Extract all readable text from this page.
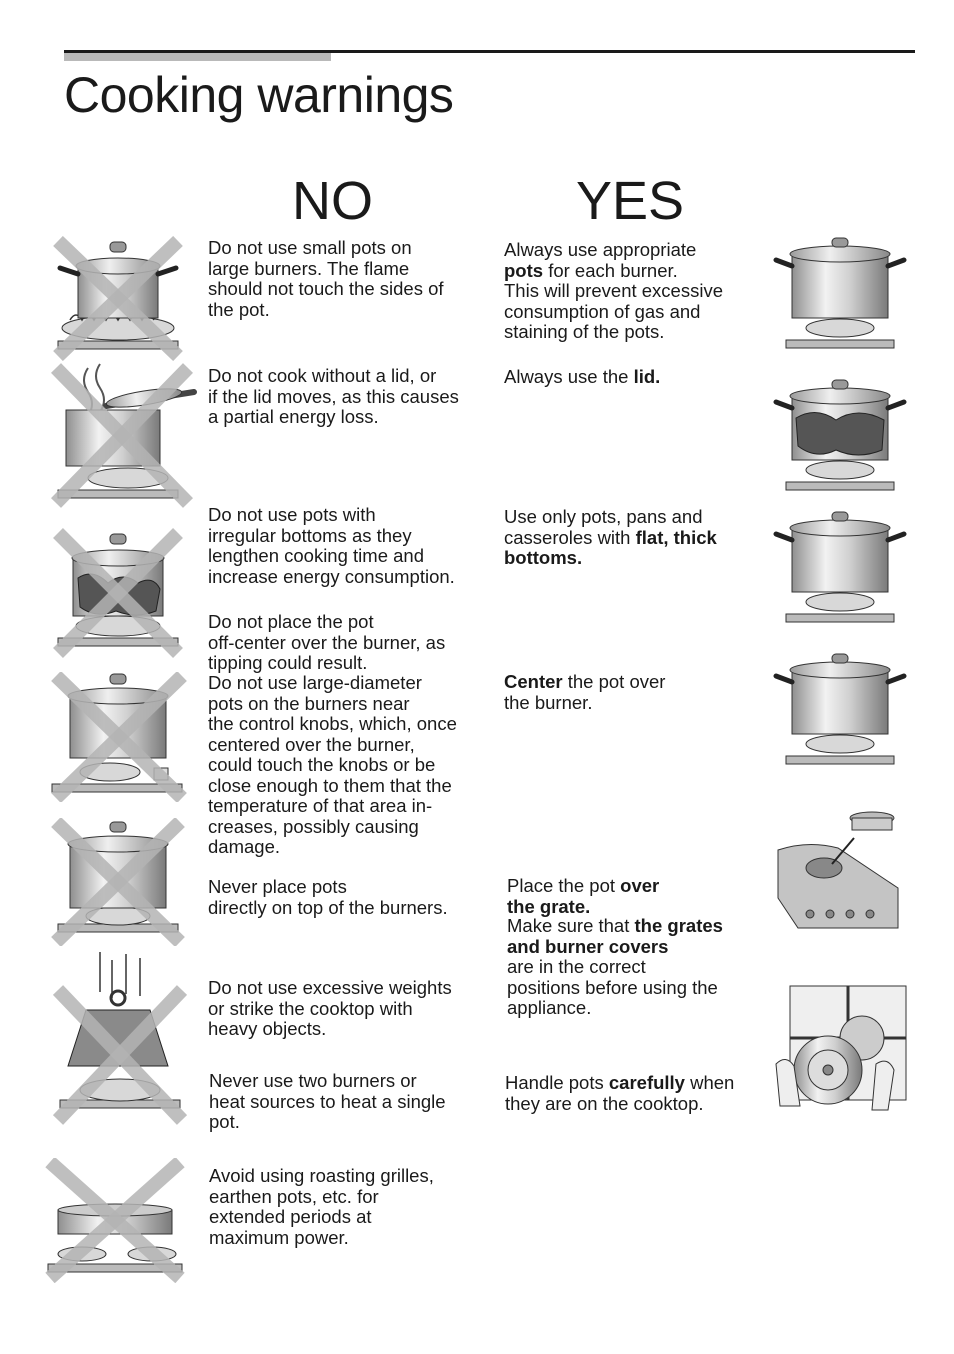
Cooking warnings
NO	YES
Do not use small pots on
large burners. The flame
should not touch the sides of
the pot.
Do not cook without a lid, or
if the lid moves, as this causes
a partial energy loss.
Do not use pots with
irregular bottoms as they
lengthen cooking time and
increase energy consumption.
Do not place the pot
off-center over the burner, as
tipping could result.
Do not use large-diameter
pots on the burners near
the control knobs, which, once
centered over the burner,
could touch the knobs or be
close enough to them that the
temperature of that area in-
creases, possibly causing
damage.
Never place pots
directly on top of the burners.
Do not use excessive weights
or strike the cooktop with
heavy objects.
Never use two burners or
heat sources to heat a single
pot.
Avoid using roasting grilles,
earthen pots, etc. for
extended periods at
maximum power.
Always use appropriate
pots for each burner.
This will prevent excessive
consumption of gas and
staining of the pots.
Always use the lid.
Use only pots, pans and
casseroles with flat, thick
bottoms.
Center the pot over
the burner.
Place the pot over
the grate.
Make sure that the grates
and burner covers
are in the correct
positions before using the
appliance.
Handle pots carefully when
they are on the cooktop.
